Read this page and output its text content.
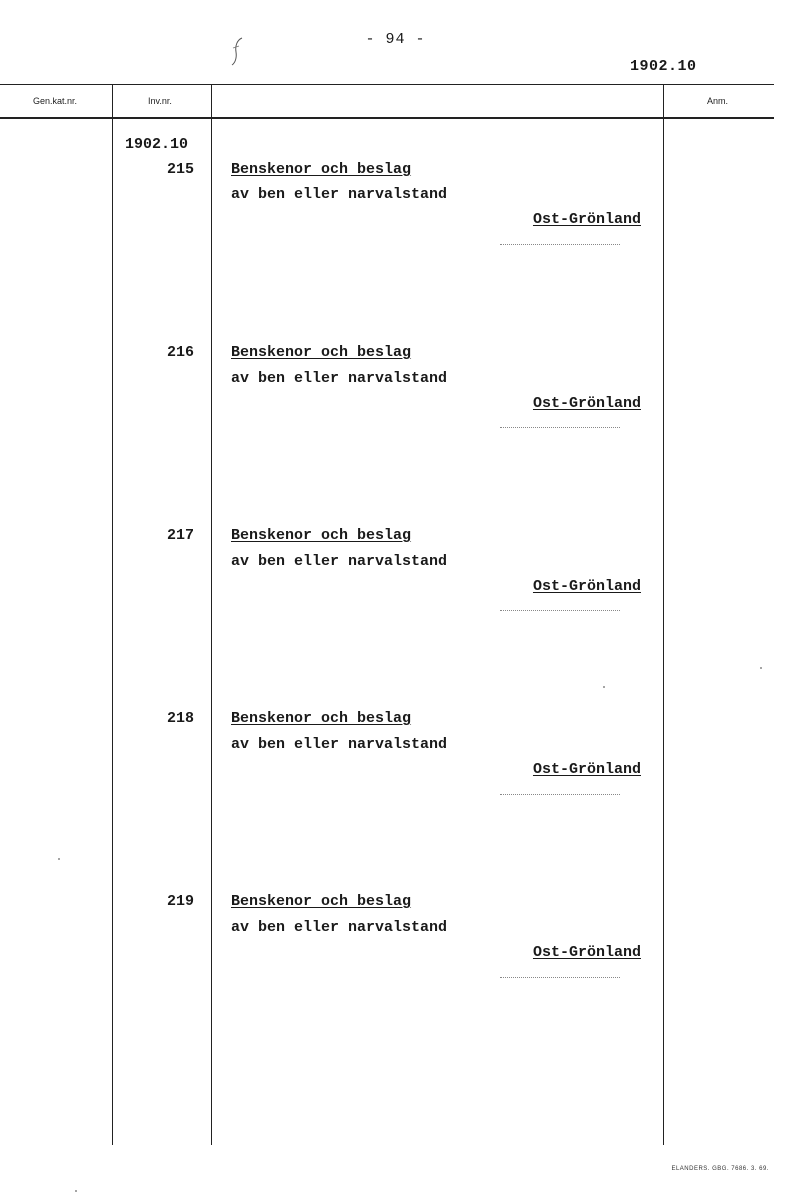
- 94 -
1902.10
Gen.kat.nr.	Inv.nr.	Anm.
1902.10
215 Benskenor och beslag
av ben eller narvalstand
Ost-Grönland
216 Benskenor och beslag
av ben eller narvalstand
Ost-Grönland
217 Benskenor och beslag
av ben eller narvalstand
Ost-Grönland
218 Benskenor och beslag
av ben eller narvalstand
Ost-Grönland
219 Benskenor och beslag
av ben eller narvalstand
Ost-Grönland
ELANDERS. GBG. 7686. 3. 69.
